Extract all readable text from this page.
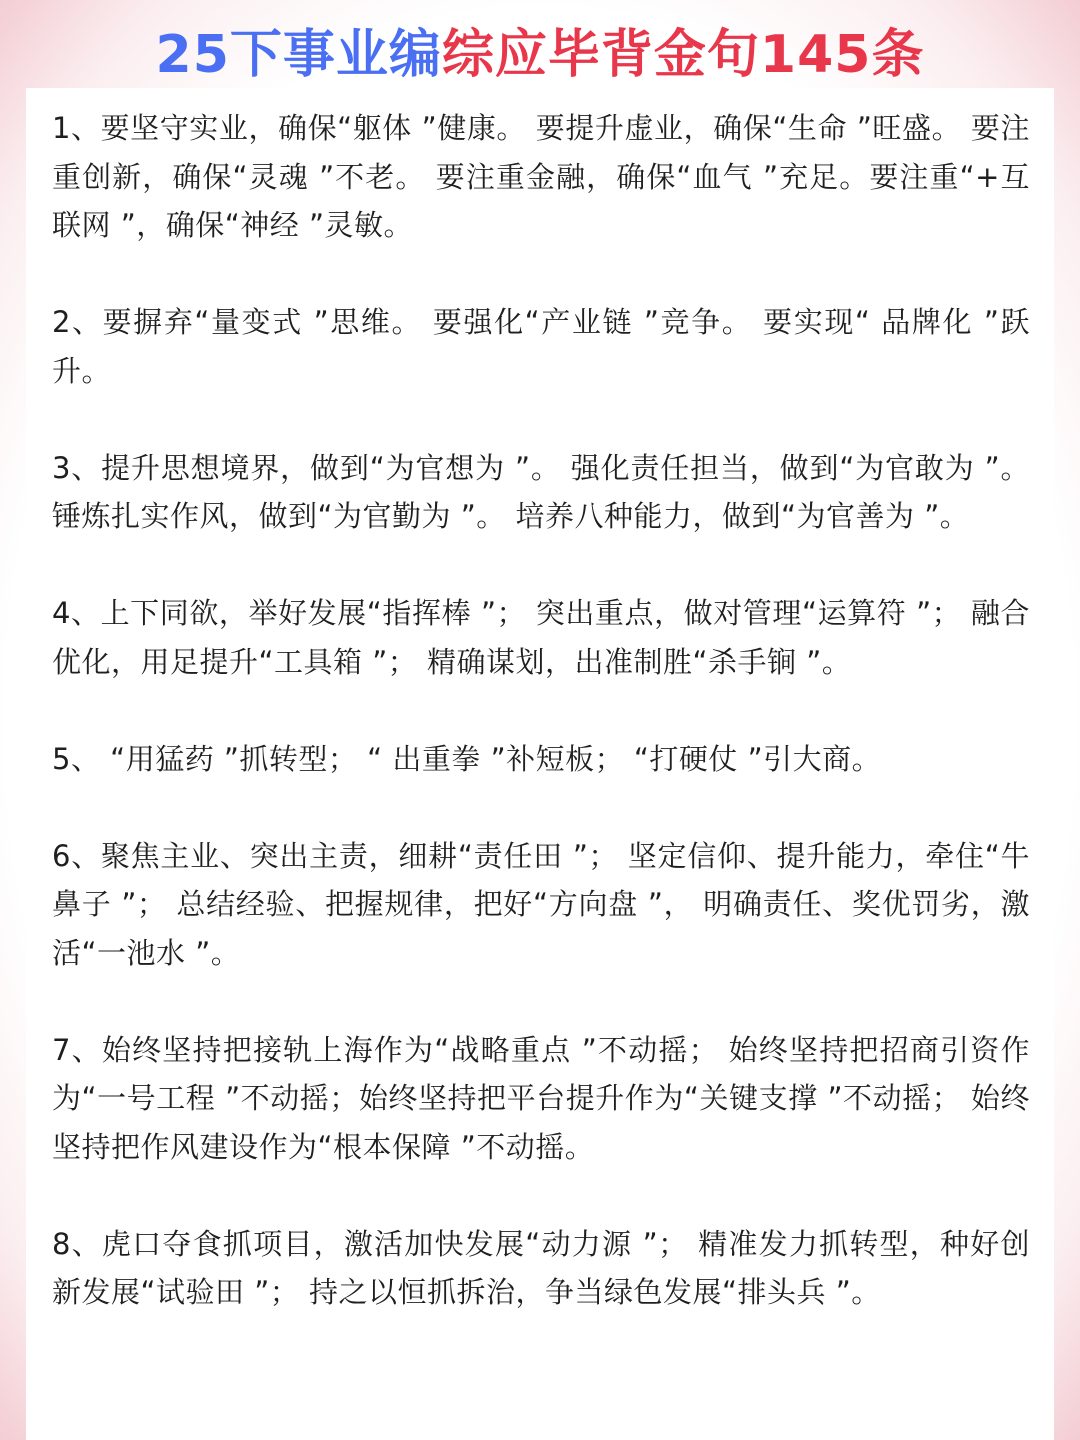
25下事业编综应毕背金句145条

1、要坚守实业，确保“躯体 ”健康。 要提升虚业，确保“生命 ”旺盛。 要注重创新，确保“灵魂 ”不老。 要注重金融，确保“血气 ”充足。要注重“+互联网 ”，确保“神经 ”灵敏。

2、要摒弃“量变式 ”思维。 要强化“产业链 ”竞争。 要实现“ 品牌化 ”跃升。

3、提升思想境界，做到“为官想为 ”。 强化责任担当，做到“为官敢为 ”。 锤炼扎实作风，做到“为官勤为 ”。 培养八种能力，做到“为官善为 ”。

4、上下同欲，举好发展“指挥棒 ”； 突出重点，做对管理“运算符 ”； 融合优化，用足提升“工具箱 ”； 精确谋划，出准制胜“杀手锏 ”。

5、 “用猛药 ”抓转型； “ 出重拳 ”补短板； “打硬仗 ”引大商。

6、聚焦主业、突出主责，细耕“责任田 ”； 坚定信仰、提升能力，牵住“牛鼻子 ”； 总结经验、把握规律，把好“方向盘 ”， 明确责任、奖优罚劣，激活“一池水 ”。

7、始终坚持把接轨上海作为“战略重点 ”不动摇； 始终坚持把招商引资作为“一号工程 ”不动摇；始终坚持把平台提升作为“关键支撑 ”不动摇； 始终坚持把作风建设作为“根本保障 ”不动摇。

8、虎口夺食抓项目，激活加快发展“动力源 ”； 精准发力抓转型，种好创新发展“试验田 ”； 持之以恒抓拆治，争当绿色发展“排头兵 ”。
